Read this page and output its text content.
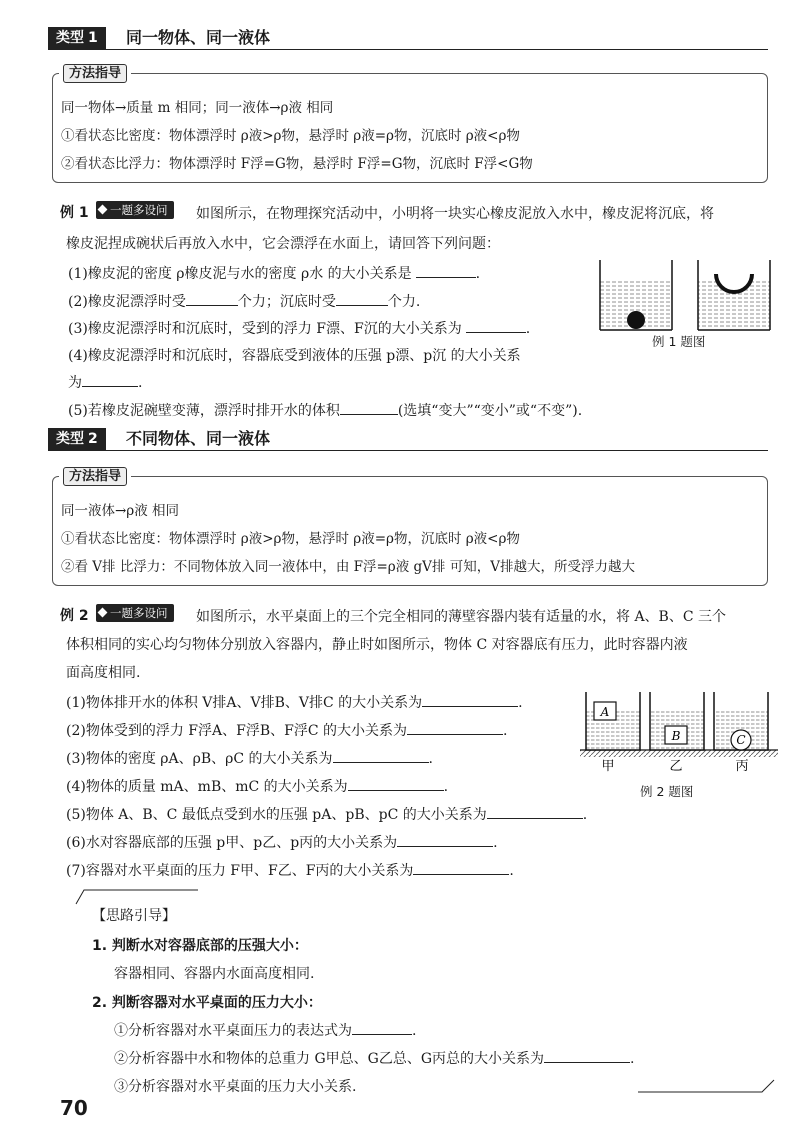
类型 1	同一物体、同一液体
方法指导
同一物体→质量 m 相同；同一液体→ρ液 相同
①看状态比密度：物体漂浮时 ρ液>ρ物，悬浮时 ρ液=ρ物，沉底时 ρ液<ρ物
②看状态比浮力：物体漂浮时 F浮=G物，悬浮时 F浮=G物，沉底时 F浮<G物
例 1	一题多设问	如图所示，在物理探究活动中，小明将一块实心橡皮泥放入水中，橡皮泥将沉底，将
橡皮泥捏成碗状后再放入水中，它会漂浮在水面上，请回答下列问题：
(1)橡皮泥的密度 ρ橡皮泥与水的密度 ρ水 的大小关系是	.
(2)橡皮泥漂浮时受	个力；沉底时受	个力.
(3)橡皮泥漂浮时和沉底时，受到的浮力 F漂、F沉的大小关系为	.
(4)橡皮泥漂浮时和沉底时，容器底受到液体的压强 p漂、p沉 的大小关系
为	.
(5)若橡皮泥碗壁变薄，漂浮时排开水的体积	(选填“变大”“变小”或“不变”).
例 1 题图
类型 2	不同物体、同一液体
方法指导
同一液体→ρ液 相同
①看状态比密度：物体漂浮时 ρ液>ρ物，悬浮时 ρ液=ρ物，沉底时 ρ液<ρ物
②看 V排 比浮力：不同物体放入同一液体中，由 F浮=ρ液 gV排 可知，V排越大，所受浮力越大
例 2	一题多设问	如图所示，水平桌面上的三个完全相同的薄壁容器内装有适量的水，将 A、B、C 三个
体积相同的实心均匀物体分别放入容器内，静止时如图所示，物体 C 对容器底有压力，此时容器内液
面高度相同.
(1)物体排开水的体积 V排A、V排B、V排C 的大小关系为	.
(2)物体受到的浮力 F浮A、F浮B、F浮C 的大小关系为	.
(3)物体的密度 ρA、ρB、ρC 的大小关系为	.
(4)物体的质量 mA、mB、mC 的大小关系为	.
(5)物体 A、B、C 最低点受到水的压强 pA、pB、pC 的大小关系为	.
(6)水对容器底部的压强 p甲、p乙、p丙的大小关系为	.
(7)容器对水平桌面的压力 F甲、F乙、F丙的大小关系为	.
A
B	C
甲	乙	丙
例 2 题图
【思路引导】
1. 判断水对容器底部的压强大小：
容器相同、容器内水面高度相同.
2. 判断容器对水平桌面的压力大小：
①分析容器对水平桌面压力的表达式为	.
②分析容器中水和物体的总重力 G甲总、G乙总、G丙总的大小关系为	.
③分析容器对水平桌面的压力大小关系.
70
